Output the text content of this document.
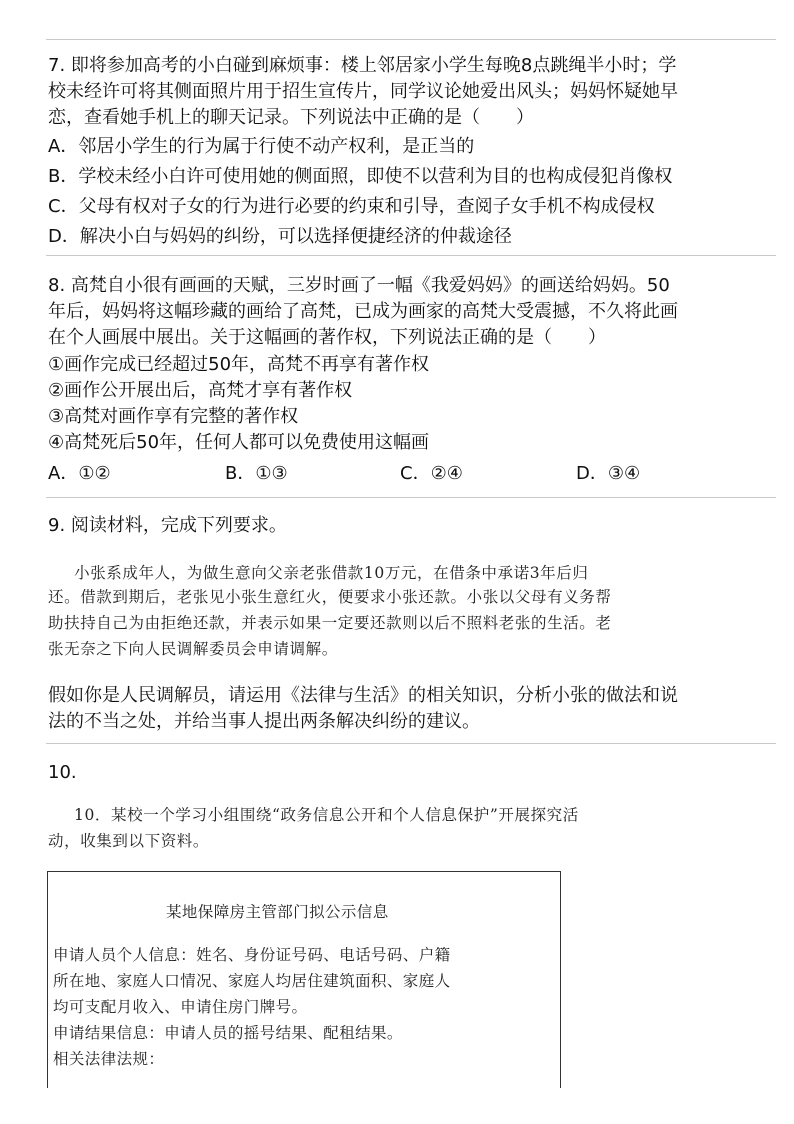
7. 即将参加高考的小白碰到麻烦事：楼上邻居家小学生每晚8点跳绳半小时；学
校未经许可将其侧面照片用于招生宣传片，同学议论她爱出风头；妈妈怀疑她早
恋，查看她手机上的聊天记录。下列说法中正确的是（　　）
A．邻居小学生的行为属于行使不动产权利，是正当的
B．学校未经小白许可使用她的侧面照，即使不以营利为目的也构成侵犯肖像权
C．父母有权对子女的行为进行必要的约束和引导，查阅子女手机不构成侵权
D．解决小白与妈妈的纠纷，可以选择便捷经济的仲裁途径
8. 高梵自小很有画画的天赋，三岁时画了一幅《我爱妈妈》的画送给妈妈。50
年后，妈妈将这幅珍藏的画给了高梵，已成为画家的高梵大受震撼，不久将此画
在个人画展中展出。关于这幅画的著作权，下列说法正确的是（　　）
①画作完成已经超过50年，高梵不再享有著作权
②画作公开展出后，高梵才享有著作权
③高梵对画作享有完整的著作权
④高梵死后50年，任何人都可以免费使用这幅画
A．①②	B．①③	C．②④	D．③④
9. 阅读材料，完成下列要求。
　小张系成年人，为做生意向父亲老张借款10万元，在借条中承诺3年后归
还。借款到期后，老张见小张生意红火，便要求小张还款。小张以父母有义务帮
助扶持自己为由拒绝还款，并表示如果一定要还款则以后不照料老张的生活。老
张无奈之下向人民调解委员会申请调解。
假如你是人民调解员，请运用《法律与生活》的相关知识，分析小张的做法和说
法的不当之处，并给当事人提出两条解决纠纷的建议。
10.
10．某校一个学习小组围绕“政务信息公开和个人信息保护”开展探究活
动，收集到以下资料。
某地保障房主管部门拟公示信息
申请人员个人信息：姓名、身份证号码、电话号码、户籍
所在地、家庭人口情况、家庭人均居住建筑面积、家庭人
均可支配月收入、申请住房门牌号。
申请结果信息：申请人员的摇号结果、配租结果。
相关法律法规：
